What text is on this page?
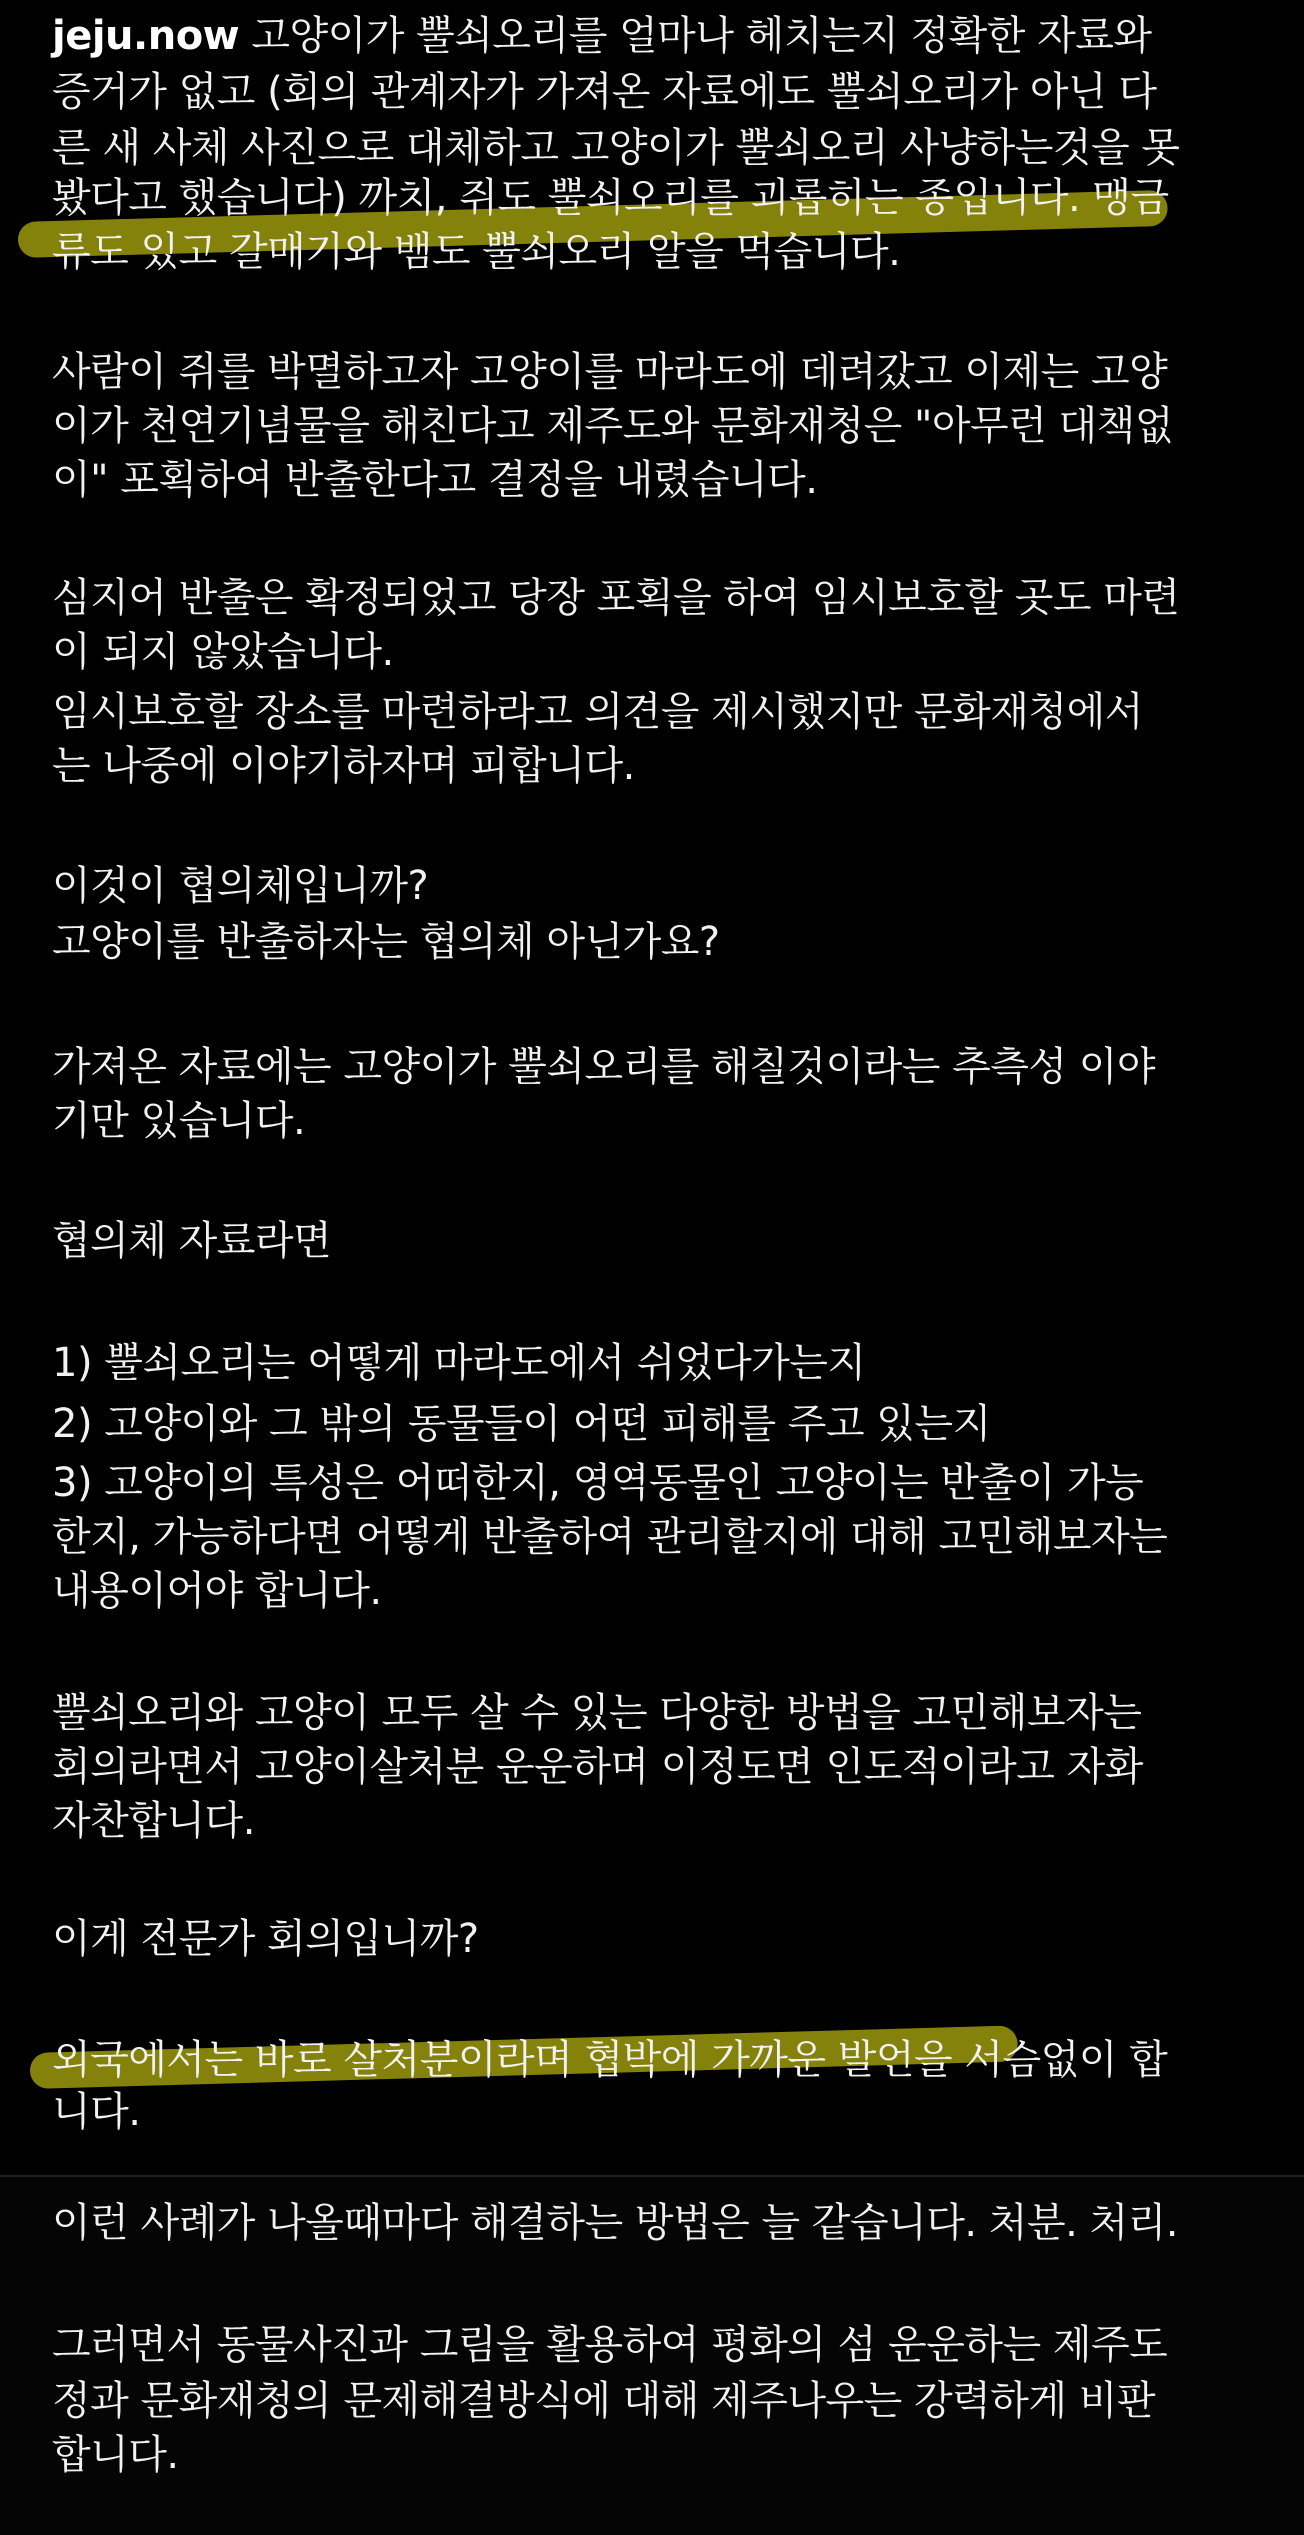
jeju.now 고양이가 뿔쇠오리를 얼마나 헤치는지 정확한 자료와

증거가 없고 (회의 관계자가 가져온 자료에도 뿔쇠오리가 아닌 다

른 새 사체 사진으로 대체하고 고양이가 뿔쇠오리 사냥하는것을 못

봤다고 했습니다) 까치, 쥐도 뿔쇠오리를 괴롭히는 종입니다. 맹금

류도 있고 갈매기와 뱀도 뿔쇠오리 알을 먹습니다.

사람이 쥐를 박멸하고자 고양이를 마라도에 데려갔고 이제는 고양

이가 천연기념물을 해친다고 제주도와 문화재청은 "아무런 대책없

이" 포획하여 반출한다고 결정을 내렸습니다.

심지어 반출은 확정되었고 당장 포획을 하여 임시보호할 곳도 마련

이 되지 않았습니다.

임시보호할 장소를 마련하라고 의견을 제시했지만 문화재청에서

는 나중에 이야기하자며 피합니다.

이것이 협의체입니까?

고양이를 반출하자는 협의체 아닌가요?

가져온 자료에는 고양이가 뿔쇠오리를 해칠것이라는 추측성 이야

기만 있습니다.

협의체 자료라면

1) 뿔쇠오리는 어떻게 마라도에서 쉬었다가는지

2) 고양이와 그 밖의 동물들이 어떤 피해를 주고 있는지

3) 고양이의 특성은 어떠한지, 영역동물인 고양이는 반출이 가능

한지, 가능하다면 어떻게 반출하여 관리할지에 대해 고민해보자는

내용이어야 합니다.

뿔쇠오리와 고양이 모두 살 수 있는 다양한 방법을 고민해보자는

회의라면서 고양이살처분 운운하며 이정도면 인도적이라고 자화

자찬합니다.

이게 전문가 회의입니까?

외국에서는 바로 살처분이라며 협박에 가까운 발언을 서슴없이 합

니다.

이런 사례가 나올때마다 해결하는 방법은 늘 같습니다. 처분. 처리.

그러면서 동물사진과 그림을 활용하여 평화의 섬 운운하는 제주도

정과 문화재청의 문제해결방식에 대해 제주나우는 강력하게 비판

합니다.
